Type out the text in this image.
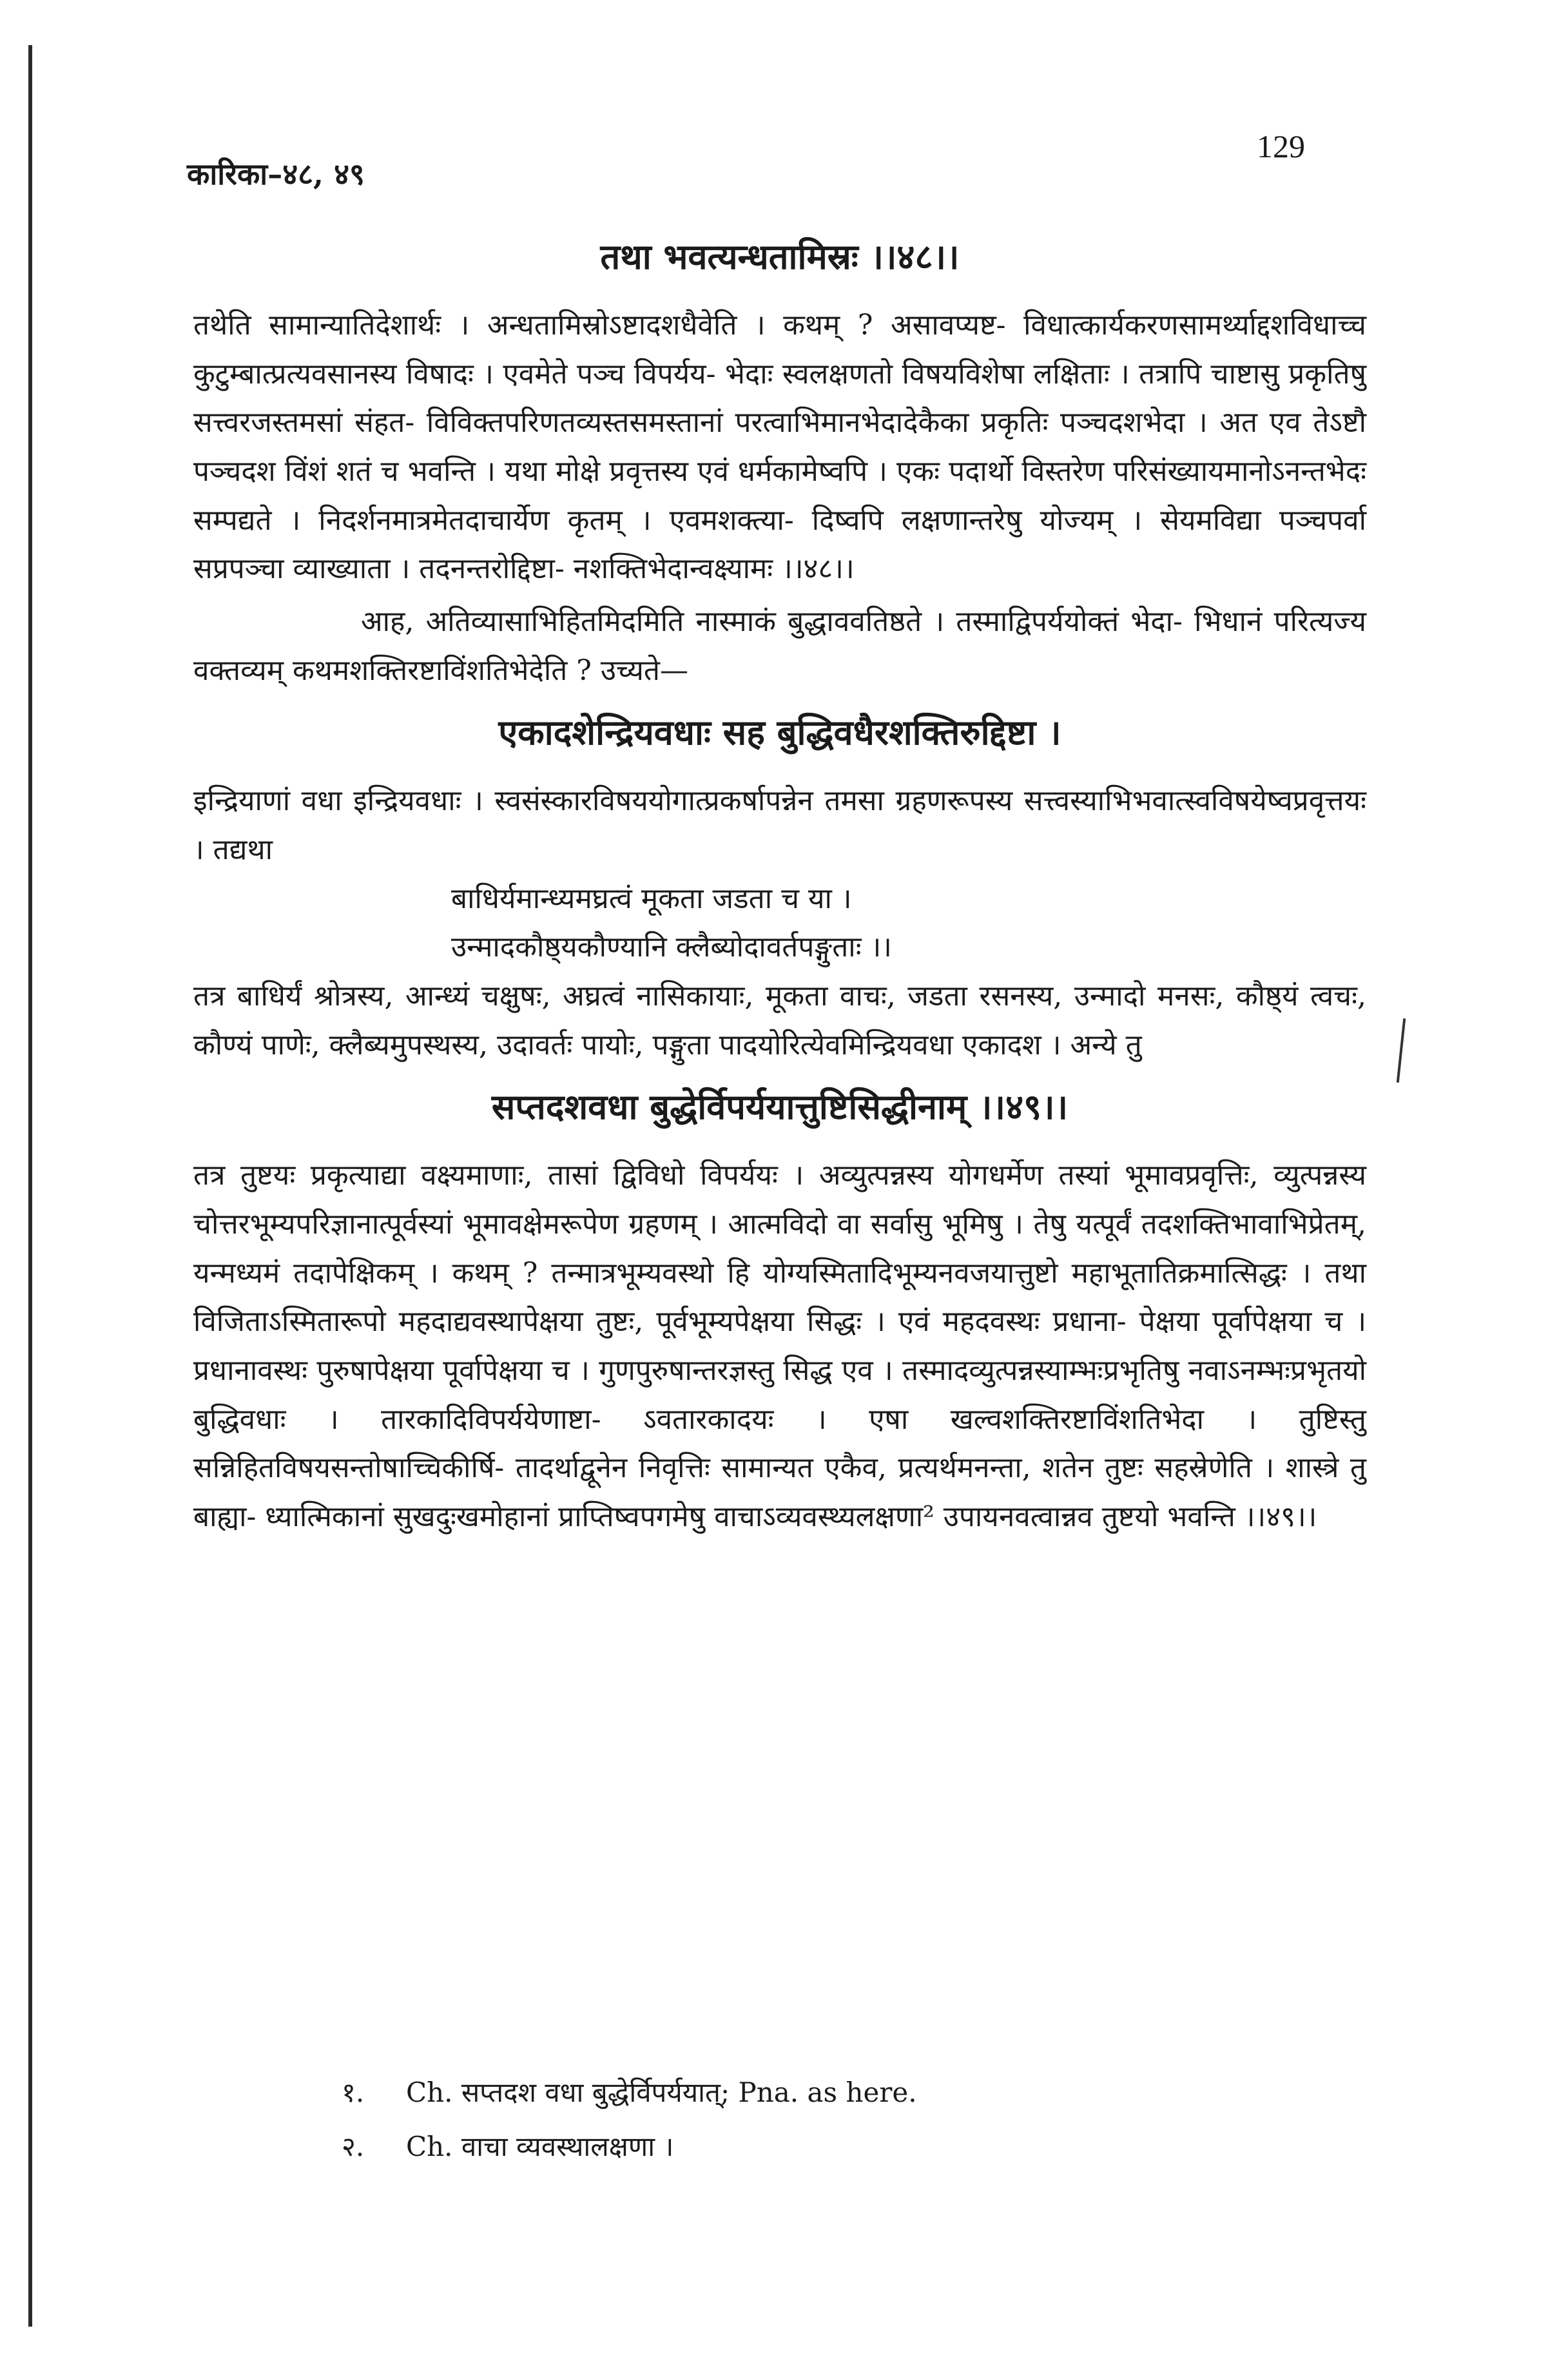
कारिका–४८, ४९
129
तथा भवत्यन्धतामिस्रः ।।४८।।

तथेति सामान्यातिदेशार्थः । अन्धतामिस्रोऽष्टादशधैवेति । कथम् ? असावप्यष्ट- विधात्कार्यकरणसामर्थ्याद्दशविधाच्च कुटुम्बात्प्रत्यवसानस्य विषादः । एवमेते पञ्च विपर्यय- भेदाः स्वलक्षणतो विषयविशेषा लक्षिताः । तत्रापि चाष्टासु प्रकृतिषु सत्त्वरजस्तमसां संहत- विविक्तपरिणतव्यस्तसमस्तानां परत्वाभिमानभेदादेकैका प्रकृतिः पञ्चदशभेदा । अत एव तेऽष्टौ पञ्चदश विंशं शतं च भवन्ति । यथा मोक्षे प्रवृत्तस्य एवं धर्मकामेष्वपि । एकः पदार्थो विस्तरेण परिसंख्यायमानोऽनन्तभेदः सम्पद्यते । निदर्शनमात्रमेतदाचार्येण कृतम् । एवमशक्त्या- दिष्वपि लक्षणान्तरेषु योज्यम् । सेयमविद्या पञ्चपर्वा सप्रपञ्चा व्याख्याता । तदनन्तरोद्दिष्टा- नशक्तिभेदान्वक्ष्यामः ।।४८।।

आह, अतिव्यासाभिहितमिदमिति नास्माकं बुद्धाववतिष्ठते । तस्माद्विपर्ययोक्तं भेदा- भिधानं परित्यज्य वक्तव्यम् कथमशक्तिरष्टाविंशतिभेदेति ? उच्यते—

एकादशेन्द्रियवधाः सह बुद्धिवधैरशक्तिरुद्दिष्टा ।

इन्द्रियाणां वधा इन्द्रियवधाः । स्वसंस्कारविषययोगात्प्रकर्षापन्नेन तमसा ग्रहणरूपस्य सत्त्वस्याभिभवात्स्वविषयेष्वप्रवृत्तयः । तद्यथा

बाधिर्यमान्ध्यमघ्रत्वं मूकता जडता च या ।

उन्मादकौष्ठ्यकौण्यानि क्लैब्योदावर्तपङ्गुताः ।।

तत्र बाधिर्यं श्रोत्रस्य, आन्ध्यं चक्षुषः, अघ्रत्वं नासिकायाः, मूकता वाचः, जडता रसनस्य, उन्मादो मनसः, कौष्ठ्यं त्वचः, कौण्यं पाणेः, क्लैब्यमुपस्थस्य, उदावर्तः पायोः, पङ्गुता पादयोरित्येवमिन्द्रियवधा एकादश । अन्ये तु

सप्तदशवधा बुद्धेर्विपर्ययात्तुष्टिसिद्धीनाम् ।।४९।।

तत्र तुष्टयः प्रकृत्याद्या वक्ष्यमाणाः, तासां द्विविधो विपर्ययः । अव्युत्पन्नस्य योगधर्मेण तस्यां भूमावप्रवृत्तिः, व्युत्पन्नस्य चोत्तरभूम्यपरिज्ञानात्पूर्वस्यां भूमावक्षेमरूपेण ग्रहणम् । आत्मविदो वा सर्वासु भूमिषु । तेषु यत्पूर्वं तदशक्तिभावाभिप्रेतम्, यन्मध्यमं तदापेक्षिकम् । कथम् ? तन्मात्रभूम्यवस्थो हि योग्यस्मितादिभूम्यनवजयात्तुष्टो महाभूतातिक्रमात्सिद्धः । तथा विजिताऽस्मितारूपो महदाद्यवस्थापेक्षया तुष्टः, पूर्वभूम्यपेक्षया सिद्धः । एवं महदवस्थः प्रधाना- पेक्षया पूर्वापेक्षया च । प्रधानावस्थः पुरुषापेक्षया पूर्वापेक्षया च । गुणपुरुषान्तरज्ञस्तु सिद्ध एव । तस्मादव्युत्पन्नस्याम्भःप्रभृतिषु नवाऽनम्भःप्रभृतयो बुद्धिवधाः । तारकादिविपर्ययेणाष्टा- ऽवतारकादयः । एषा खल्वशक्तिरष्टाविंशतिभेदा । तुष्टिस्तु सन्निहितविषयसन्तोषाच्चिकीर्षि- तादर्थाद्वूनेन निवृत्तिः सामान्यत एकैव, प्रत्यर्थमनन्ता, शतेन तुष्टः सहस्रेणेति । शास्त्रे तु बाह्या- ध्यात्मिकानां सुखदुःखमोहानां प्राप्तिष्वपगमेषु वाचाऽव्यवस्थ्यलक्षणा² उपायनवत्वान्नव तुष्टयो भवन्ति ।।४९।।

१. Ch. सप्तदश वधा बुद्धेर्विपर्ययात्; Pna. as here.
२. Ch. वाचा व्यवस्थालक्षणा ।
